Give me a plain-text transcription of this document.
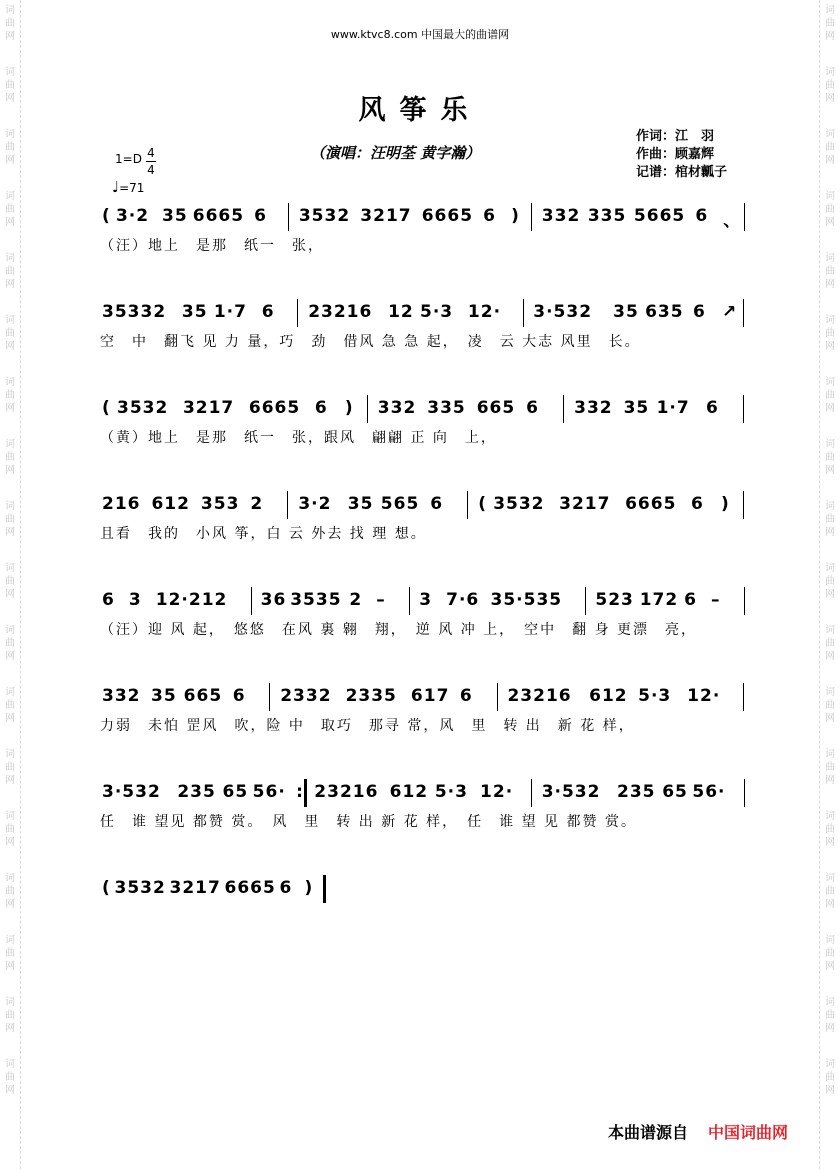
词
曲
网
词
曲
网
词
曲
网
词
曲
网
词
曲
网
词
曲
网
词
曲
网
词
曲
网
词
曲
网
词
曲
网
词
曲
网
词
曲
网
词
曲
网
词
曲
网
词
曲
网
词
曲
网
词
曲
网
词
曲
网
词
曲
网
词
曲
网
词
曲
网
词
曲
网
词
曲
网
词
曲
网
词
曲
网
词
曲
网
词
曲
网
词
曲
网
词
曲
网
词
曲
网
词
曲
网
词
曲
网
词
曲
网
词
曲
网
词
曲
网
词
曲
网
www.ktvc8.com 中国最大的曲谱网
风筝乐
（演唱：汪明荃 黄字瀚）
作词：江　羽
作曲：顾嘉辉
记谱：棺材瓤子
1=D 4
4
♩=71
( 3·2 35 6665 6 3532 3217 6665 6 ) 332 335 5665 6 、
（汪）地上　是那　纸一　张，
35332 35 1·7 6 23216 12 5·3 12· 3·532 35 635 6 ↗
空　中　翻飞 见 力 量，巧　劲　借风 急 急 起，　凌　云 大志 风里　长。
( 3532 3217 6665 6 ) 332 335 665 6 332 35 1·7 6
（黄）地上　是那　纸一　张，跟风　翩翩 正 向　上，
216 612 353 2 3·2 35 565 6 ( 3532 3217 6665 6 )
且看　我的　小风 筝，白 云 外去 找 理 想。
6 3 12·212 36 3535 2 – 3 7·6 35·535 523 172 6 –
（汪）迎 风 起，　悠悠　在风 裏 翱　翔，　逆 风 冲 上，　空中　翻 身 更漂　亮，
332 35 665 6 2332 2335 617 6 23216 612 5·3 12·
力弱　未怕 罡风　吹，险 中　取巧　那寻 常，风　里　转 出　新 花 样，
3·532 235 65 56· : 23216 612 5·3 12· 3·532 235 65 56·
任　谁 望见 都赞 赏。　风　里　转 出 新 花 样，　任　谁 望 见 都赞 赏。
( 3532 3217 6665 6 )
本曲谱源自 中国词曲网
